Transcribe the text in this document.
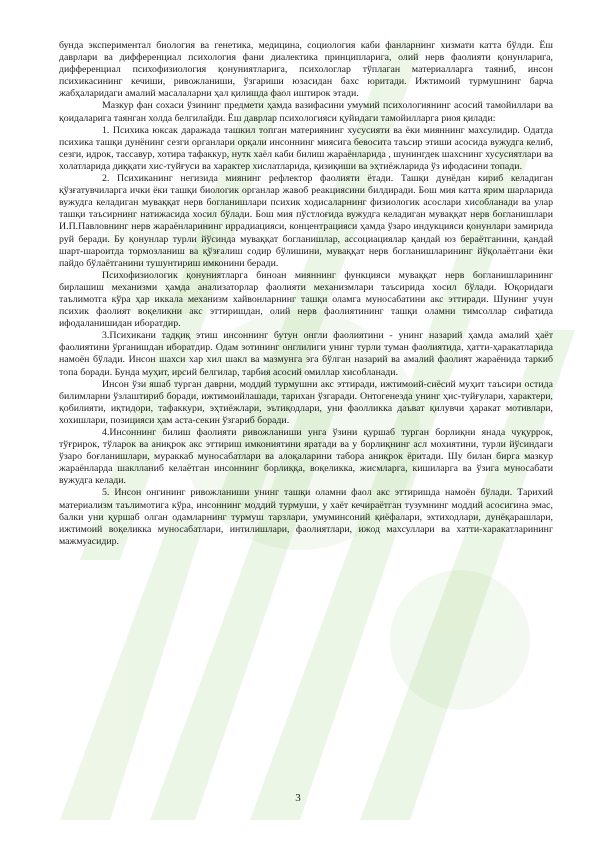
бунда экспериментал биология ва генетика, медицина, социология каби фанларнинг хизмати катта бўлди. Ёш даврлари ва дифференциал психология фани диалектика принципларига, олий нерв фаолияти қонунларига, дифференциал психофизиология қонуниятларига, психологлар тўплаган материалларга таяниб, инсон психикасининг кечиши, ривожланиши, ўзгариши юзасидан бахс юритади. Ижтимоий турмушнинг барча жабҳаларидаги амалий масалаларни ҳал қилишда фаол иштирок этади.

Мазкур фан сохаси ўзининг предмети ҳамда вазифасини умумий психологиянинг асосий тамойиллари ва қоидаларига таянган холда белгилайди. Ёш даврлар психологияси қуйидаги тамойилларга риоя қилади:

1. Психика юксак даражада ташкил топган материянинг хусусияти ва ёки мияннинг махсулидир. Одатда психика ташқи дунёнинг сезги органлари орқали инсоннинг миясига бевосита таъсир этиши асосида вужудга келиб, сезги, идрок, тассавур, хотира тафаккур, нутк хаёл каби билиш жараёнларида , шунингдек шахснинг хусусиятлари ва холатларида диққати хис-туйғуси ва характер хислатларида, қизиқиши ва эҳтиёжларида ўз ифодасини топади.

2. Психиканинг негизида миянинг рефлектор фаолияти ётади. Ташқи дунёдан кириб келадиган қўзғатувчиларга ички ёки ташқи биологик органлар жавоб реакциясини билдиради. Бош мия катта ярим шарларида вужудга келадиган муваққат нерв богланишлари психик ходисаларнинг физиологик асослари хисобланади ва улар ташқи таъсирнинг натижасида хосил бўлади. Бош мия пўстлоғида вужудга келадиган муваққат нерв богланишлари И.П.Павловнинг нерв жараёнларининг иррадиацияси, концентрацияси ҳамда ўзаро индукцияси қонунлари замирида руй беради. Бу қонунлар турли йўсинда муваққат богланишлар, ассоциациялар қандай юз бераётганини, қандай шарт-шароитда тормозланиш ва қўзғалиш содир бўлишини, муваққат нерв богланишларининг йўқолаётгани ёки пайдо бўлаётганини тушунтириш имконини беради.

Психофизиологик қонуниятларга биноан мияннинг функцияси муваққат нерв богланишларининг бирлашиш механизми ҳамда анализаторлар фаолияти механизмлари таъсирида хосил бўлади. Юқоридаги таълимотга кўра ҳар иккала механизм хайвонларнинг ташқи оламга муносабатини акс эттиради. Шунинг учун психик фаолият воқеликни акс эттиришдан, олий нерв фаолиятининг ташқи оламни тимсоллар сифатида ифодаланишидан иборатдир.

3.Психикани тадқиқ этиш инсоннинг бутун онгли фаолиятини - унинг назарий ҳамда амалий ҳаёт фаолиятини ўрганишдан иборатдир. Одам зотининг онглилиги унинг турли туман фаолиятида, ҳатти-ҳаракатларида намоён бўлади. Инсон шахси хар хил шакл ва мазмунга эга бўлган назарий ва амалий фаолият жараёнида таркиб топа боради. Бунда муҳит, ирсий белгилар, тарбия асосий омиллар хисобланади.

Инсон ўзи яшаб турган даврни, моддий турмушни акс эттиради, ижтимоий-сиёсий муҳит таъсири остида билимларни ўзлаштириб боради, ижтимоийлашади, тарихан ўзгаради. Онтогенезда унинг ҳис-туйғулари, характери, қобилияти, иқтидори, тафаккури, эҳтиёжлари, эътиқодлари, уни фаолликка даъват қилувчи ҳаракат мотивлари, хохишлари, позицияси ҳам аста-секин ўзгариб боради.

4.Инсоннинг билиш фаолияти ривожланиши унга ўзини қуршаб турган борлиқни янада чуқуррок, тўғрирок, тўларок ва аниқрок акс эттириш имкониятини яратади ва у борлиқнинг асл мохиятини, турли йўсиндаги ўзаро боғланишлари, мураккаб муносабатлари ва алоқаларини табора аниқрок ёритади. Шу билан бирга мазкур жараёнларда шаклланиб келаётган инсоннинг борлиққа, воқеликка, жисмларга, кишиларга ва ўзига муносабати вужудга келади.

5. Инсон онгининг ривожланиши унинг ташқи оламни фаол акс эттиришда намоён бўлади. Тарихий материализм таълимотига кўра, инсоннинг моддий турмуши, у хаёт кечираётган тузумнинг моддий асосигина эмас, балки уни қуршаб олган одамларнинг турмуш тарзлари, умуминсоний қиёфалари, эхтиходлари, дунёқарашлари, ижтимоий воқеликка муносабатлари, интилишлари, фаолиятлари, ижод махсуллари ва хатти-харакатларининг мажмуасидир.

3
